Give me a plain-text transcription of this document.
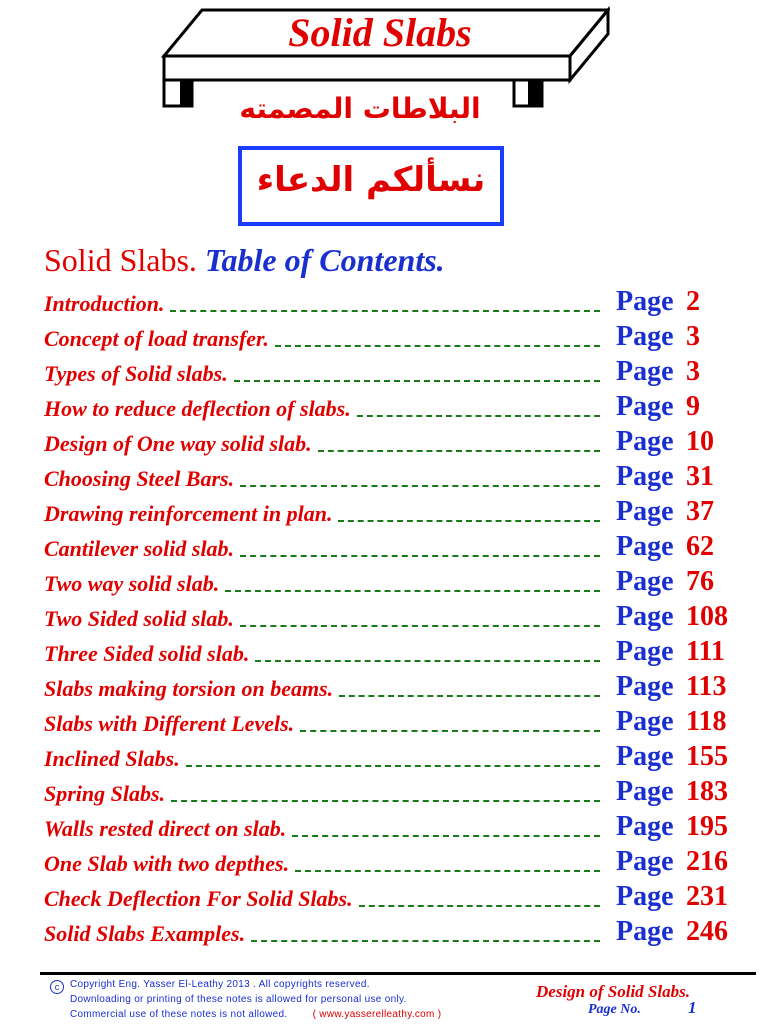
Solid Slabs
البلاطات المصمته
نسألكم الدعاء
Solid Slabs. Table of Contents.
Introduction.	Page 2
Concept of load transfer.	Page 3
Types of Solid slabs.	Page 3
How to reduce deflection of slabs.	Page 9
Design of One way solid slab.	Page 10
Choosing Steel Bars.	Page 31
Drawing reinforcement in plan.	Page 37
Cantilever solid slab.	Page 62
Two way solid slab.	Page 76
Two Sided solid slab.	Page 108
Three Sided solid slab.	Page 111
Slabs making torsion on beams.	Page 113
Slabs with Different Levels.	Page 118
Inclined Slabs.	Page 155
Spring Slabs.	Page 183
Walls rested direct on slab.	Page 195
One Slab with two depthes.	Page 216
Check Deflection For Solid Slabs.	Page 231
Solid Slabs Examples.	Page 246
c	Copyright Eng. Yasser El-Leathy 2013 . All copyrights reserved.
Downloading or printing of these notes is allowed for personal use only.
Commercial use of these notes is not allowed.	( www.yasserelleathy.com )
Design of Solid Slabs.
Page No.	1
